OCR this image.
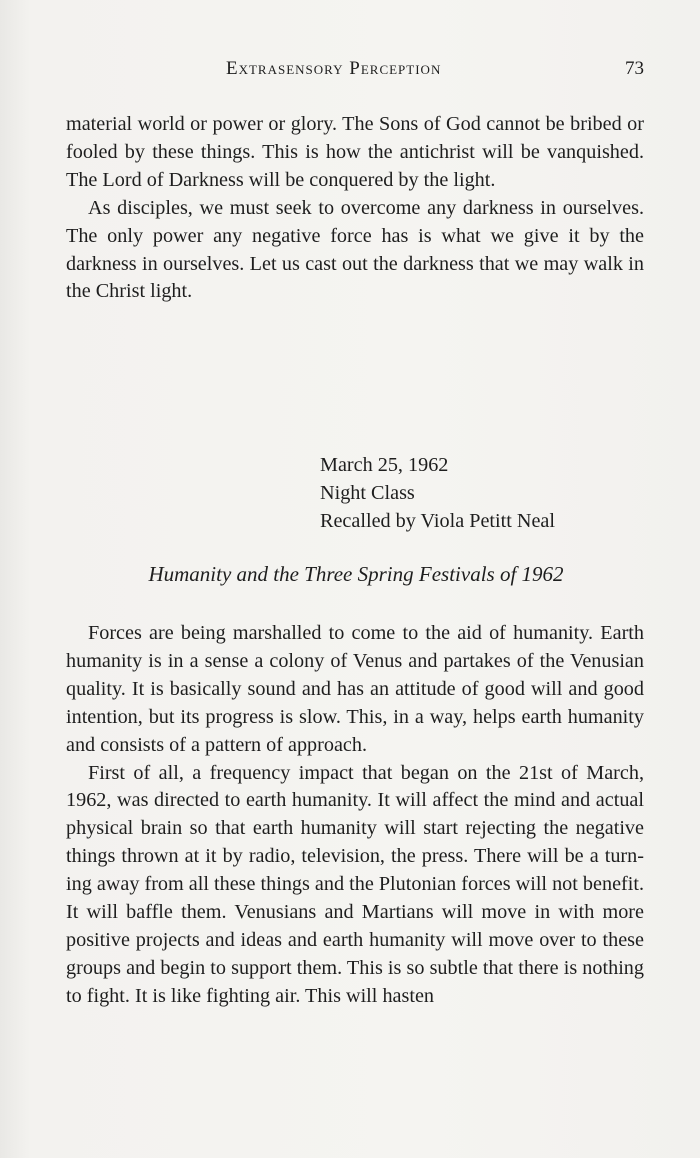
Extrasensory Perception	73

material world or power or glory. The Sons of God cannot be bribed or fooled by these things. This is how the antichrist will be vanquished. The Lord of Darkness will be conquered by the light.

As disciples, we must seek to overcome any darkness in ourselves. The only power any negative force has is what we give it by the darkness in ourselves. Let us cast out the darkness that we may walk in the Christ light.

March 25, 1962
Night Class
Recalled by Viola Petitt Neal
Humanity and the Three Spring Festivals of 1962

Forces are being marshalled to come to the aid of humanity. Earth humanity is in a sense a colony of Venus and partakes of the Venusian quality. It is basically sound and has an attitude of good will and good intention, but its progress is slow. This, in a way, helps earth humanity and consists of a pattern of approach.

First of all, a frequency impact that began on the 21st of March, 1962, was directed to earth humanity. It will affect the mind and actual physical brain so that earth humanity will start rejecting the negative things thrown at it by radio, television, the press. There will be a turning away from all these things and the Plutonian forces will not benefit. It will baffle them. Venusians and Martians will move in with more positive projects and ideas and earth humanity will move over to these groups and begin to support them. This is so subtle that there is nothing to fight. It is like fighting air. This will hasten
